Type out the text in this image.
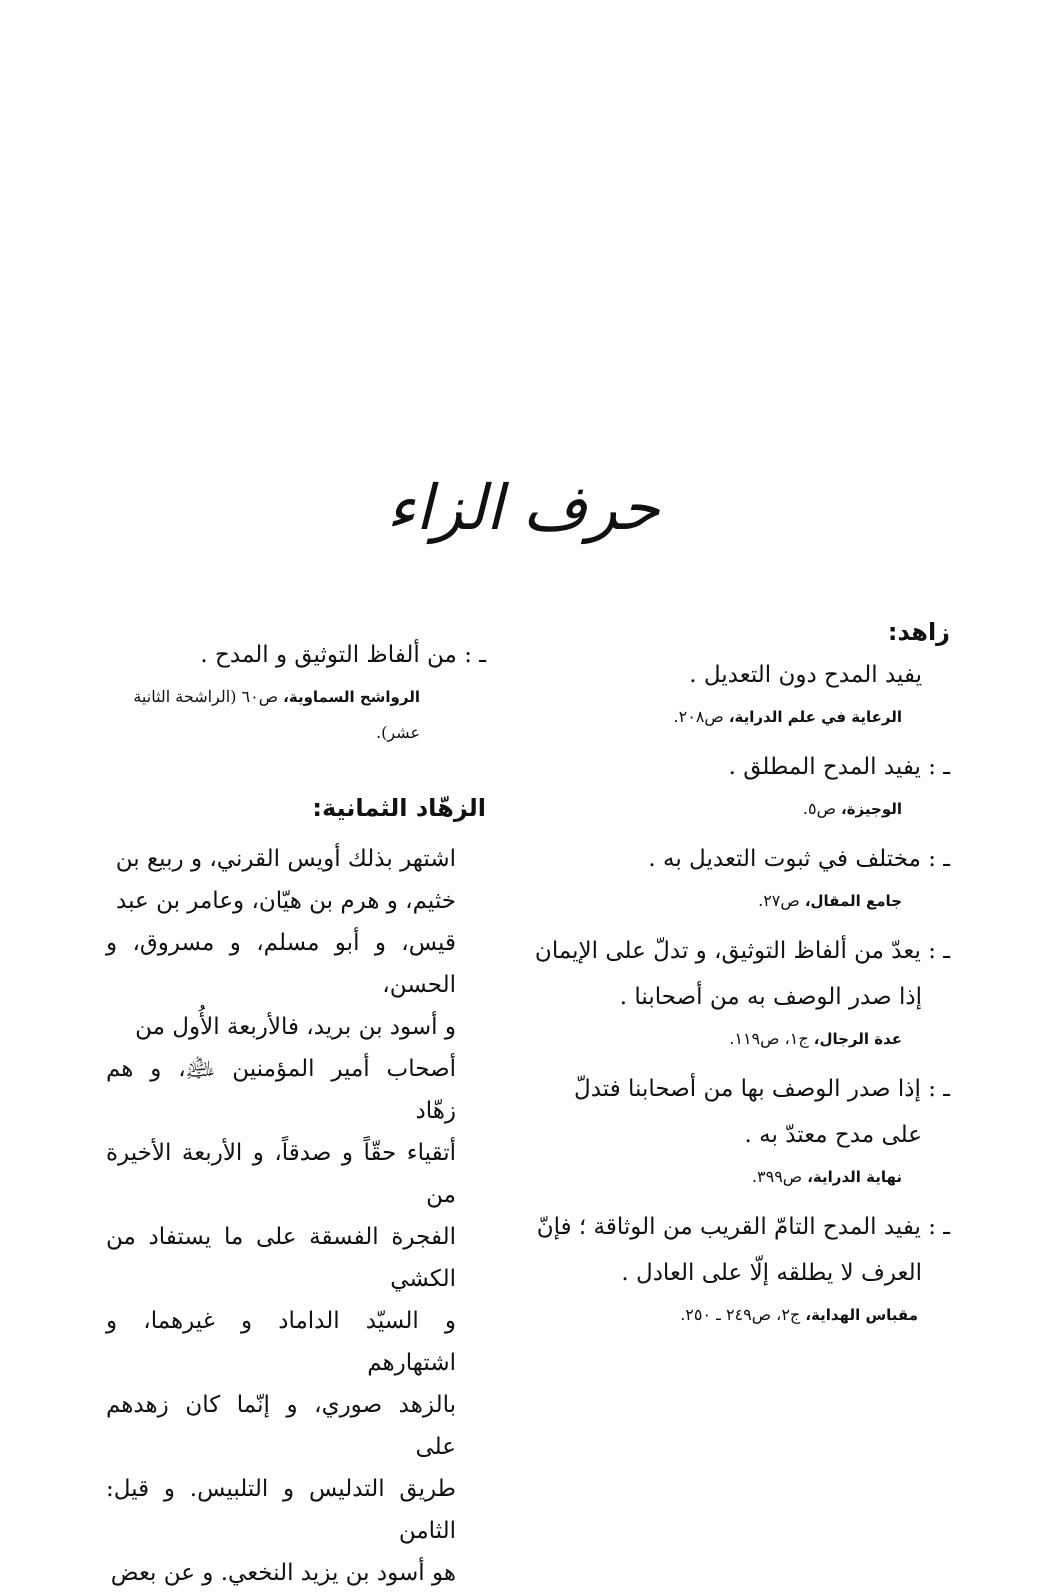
حرف الزاء

زاهد:

يفيد المدح دون التعديل .

الرعاية في علم الدراية، ص٢٠٨.

ـ : يفيد المدح المطلق .

الوجيزة، ص٥.

ـ : مختلف في ثبوت التعديل به .

جامع المقال، ص٢٧.

ـ : يعدّ من ألفاظ التوثيق، و تدلّ على الإيمان
إذا صدر الوصف به من أصحابنا .

عدة الرجال، ج١، ص١١٩.

ـ : إذا صدر الوصف بها من أصحابنا فتدلّ
على مدح معتدّ به .

نهاية الدراية، ص٣٩٩.

ـ : يفيد المدح التامّ القريب من الوثاقة ؛ فإنّ
العرف لا يطلقه إلّا على العادل .

مقباس الهداية، ج٢، ص٢٤٩ ـ ٢٥٠.

ـ : من ألفاظ التوثيق و المدح .

الرواشح السماوية، ص٦٠ (الراشحة الثانية

عشر).

الزهّاد الثمانية:

اشتهر بذلك أويس القرني، و ربيع بن

خثيم، و هرم بن هيّان، وعامر بن عبد

قيس، و أبو مسلم، و مسروق، و الحسن،

و أسود بن بريد، فالأربعة الأُول من

أصحاب أمير المؤمنين ﵇، و هم زهّاد

أتقياء حقّاً و صدقاً، و الأربعة الأخيرة من

الفجرة الفسقة على ما يستفاد من الكشي

و السيّد الداماد و غيرهما، و اشتهارهم

بالزهد صوري، و إنّما كان زهدهم على

طريق التدليس و التلبيس. و قيل: الثامن

هو أسود بن يزيد النخعي. و عن بعض
